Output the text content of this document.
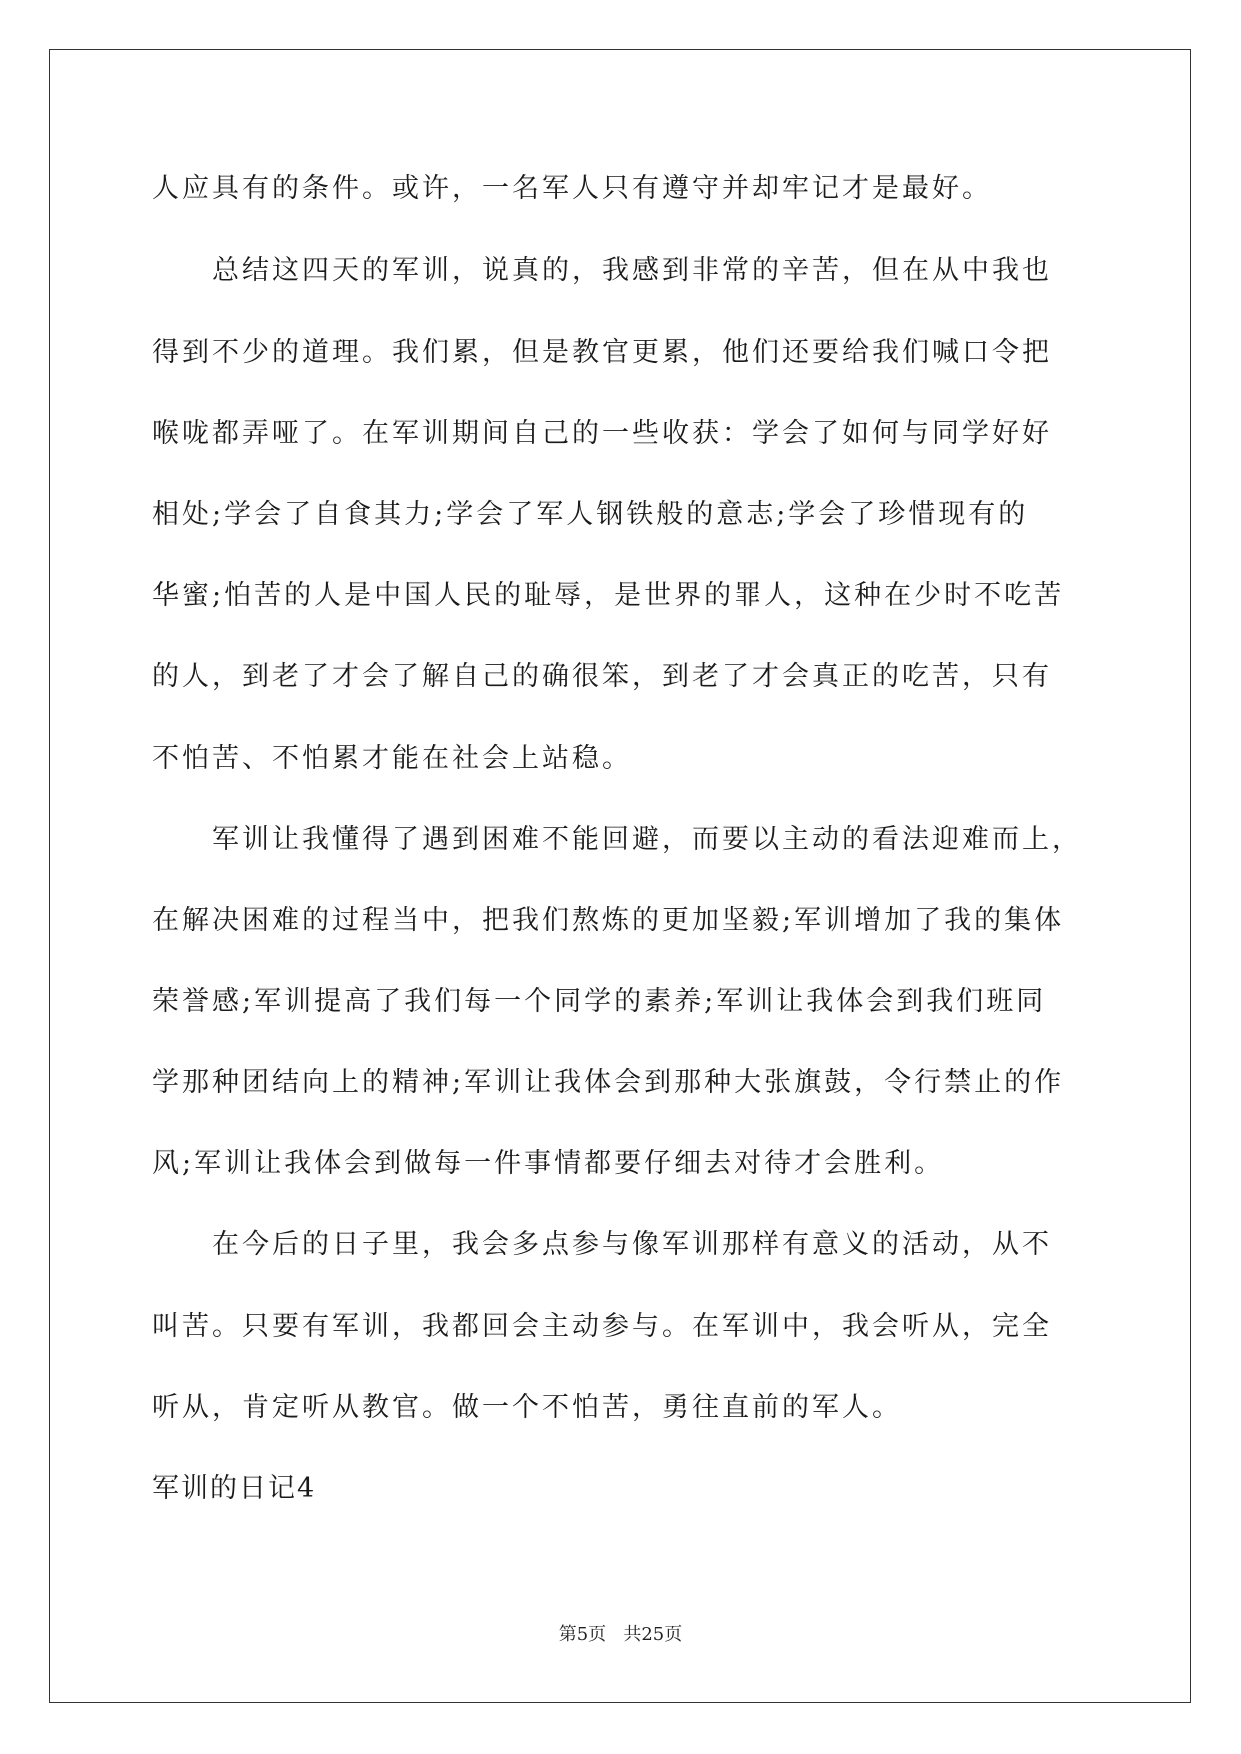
人应具有的条件。或许，一名军人只有遵守并却牢记才是最好。
　　总结这四天的军训，说真的，我感到非常的辛苦，但在从中我也
得到不少的道理。我们累，但是教官更累，他们还要给我们喊口令把
喉咙都弄哑了。在军训期间自己的一些收获：学会了如何与同学好好
相处;学会了自食其力;学会了军人钢铁般的意志;学会了珍惜现有的
华蜜;怕苦的人是中国人民的耻辱，是世界的罪人，这种在少时不吃苦
的人，到老了才会了解自己的确很笨，到老了才会真正的吃苦，只有
不怕苦、不怕累才能在社会上站稳。
　　军训让我懂得了遇到困难不能回避，而要以主动的看法迎难而上，
在解决困难的过程当中，把我们熬炼的更加坚毅;军训增加了我的集体
荣誉感;军训提高了我们每一个同学的素养;军训让我体会到我们班同
学那种团结向上的精神;军训让我体会到那种大张旗鼓，令行禁止的作
风;军训让我体会到做每一件事情都要仔细去对待才会胜利。
　　在今后的日子里，我会多点参与像军训那样有意义的活动，从不
叫苦。只要有军训，我都回会主动参与。在军训中，我会听从，完全
听从，肯定听从教官。做一个不怕苦，勇往直前的军人。
军训的日记4
第5页 共25页
